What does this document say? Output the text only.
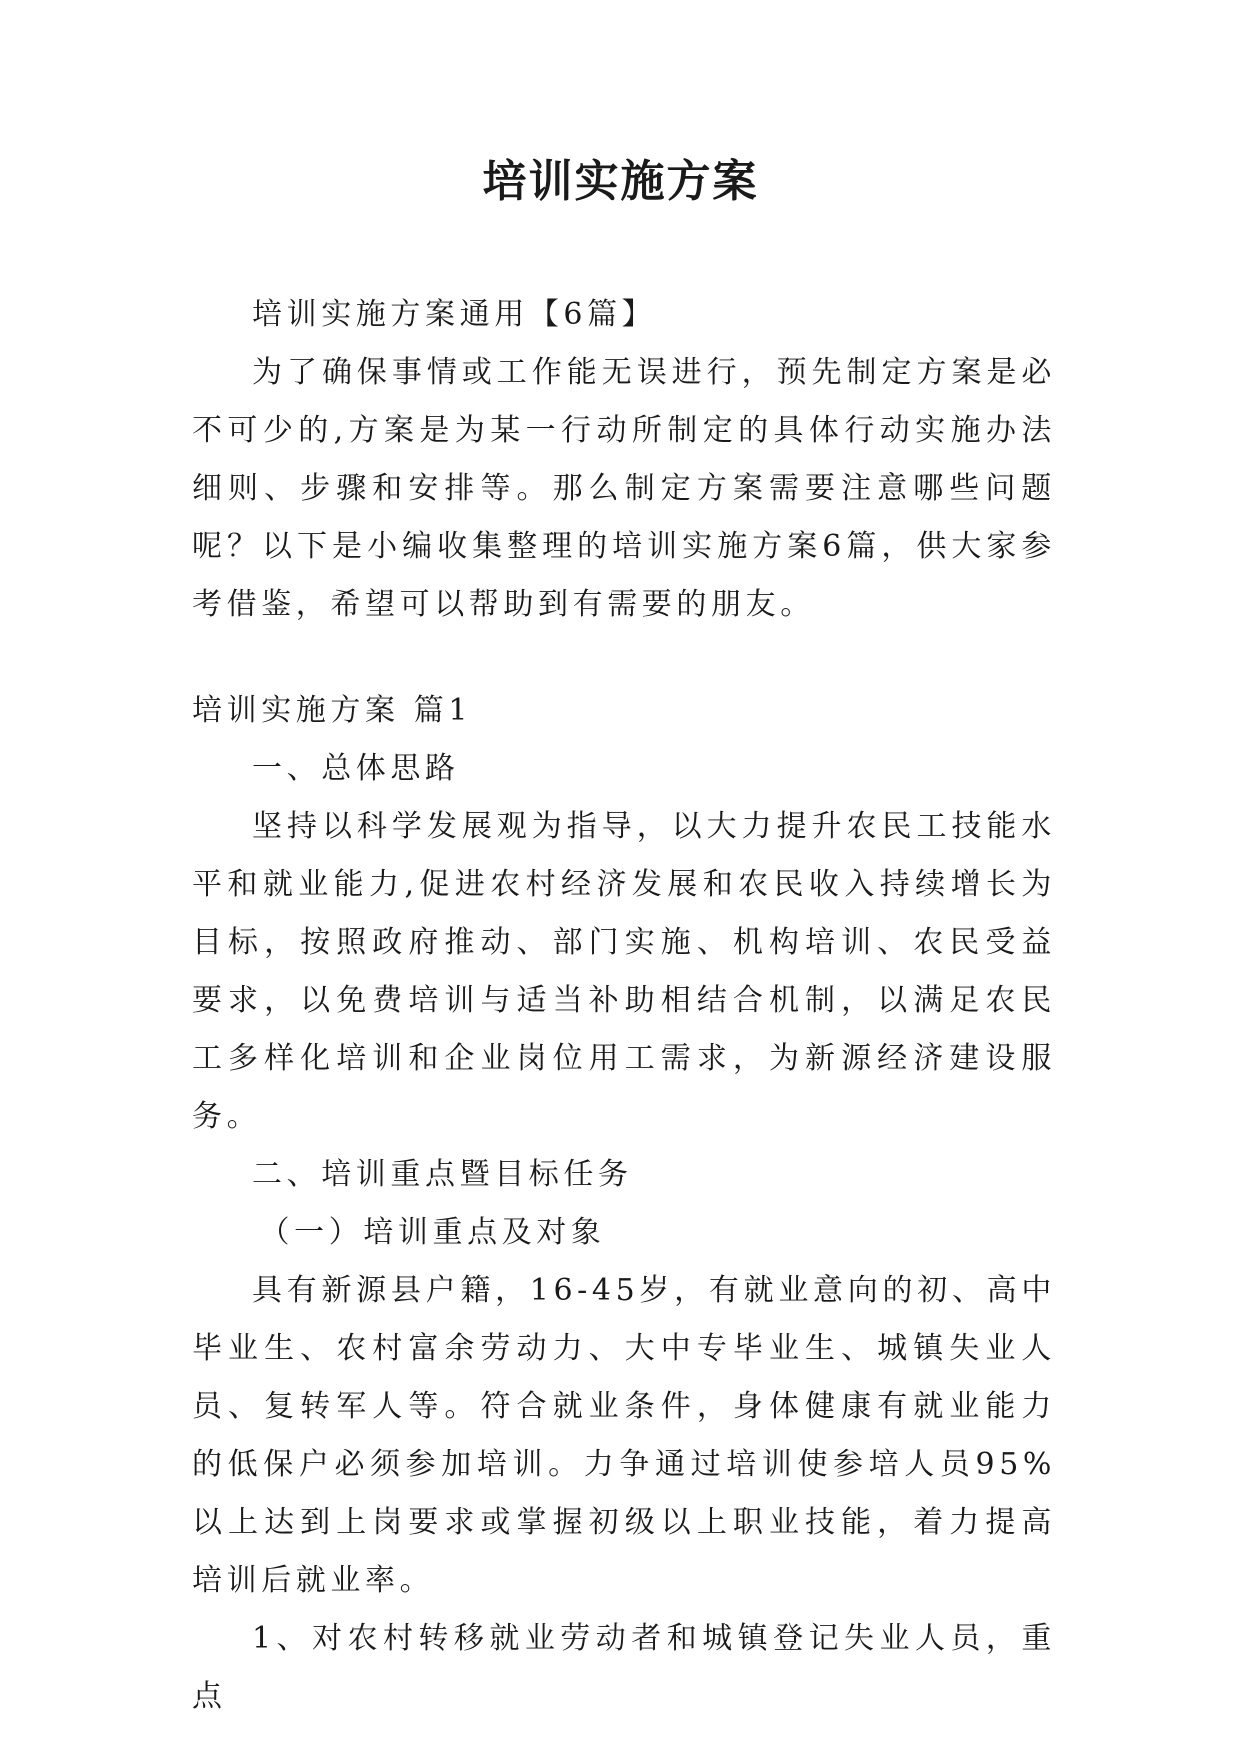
培训实施方案

培训实施方案通用【6篇】

为了确保事情或工作能无误进行，预先制定方案是必不可少的,方案是为某一行动所制定的具体行动实施办法细则、步骤和安排等。那么制定方案需要注意哪些问题呢？以下是小编收集整理的培训实施方案6篇，供大家参考借鉴，希望可以帮助到有需要的朋友。

培训实施方案 篇1

一、总体思路

坚持以科学发展观为指导，以大力提升农民工技能水平和就业能力,促进农村经济发展和农民收入持续增长为目标，按照政府推动、部门实施、机构培训、农民受益要求，以免费培训与适当补助相结合机制，以满足农民工多样化培训和企业岗位用工需求，为新源经济建设服务。

二、培训重点暨目标任务

（一）培训重点及对象

具有新源县户籍，16-45岁，有就业意向的初、高中毕业生、农村富余劳动力、大中专毕业生、城镇失业人员、复转军人等。符合就业条件，身体健康有就业能力的低保户必须参加培训。力争通过培训使参培人员95%以上达到上岗要求或掌握初级以上职业技能，着力提高培训后就业率。

1、对农村转移就业劳动者和城镇登记失业人员，重点
